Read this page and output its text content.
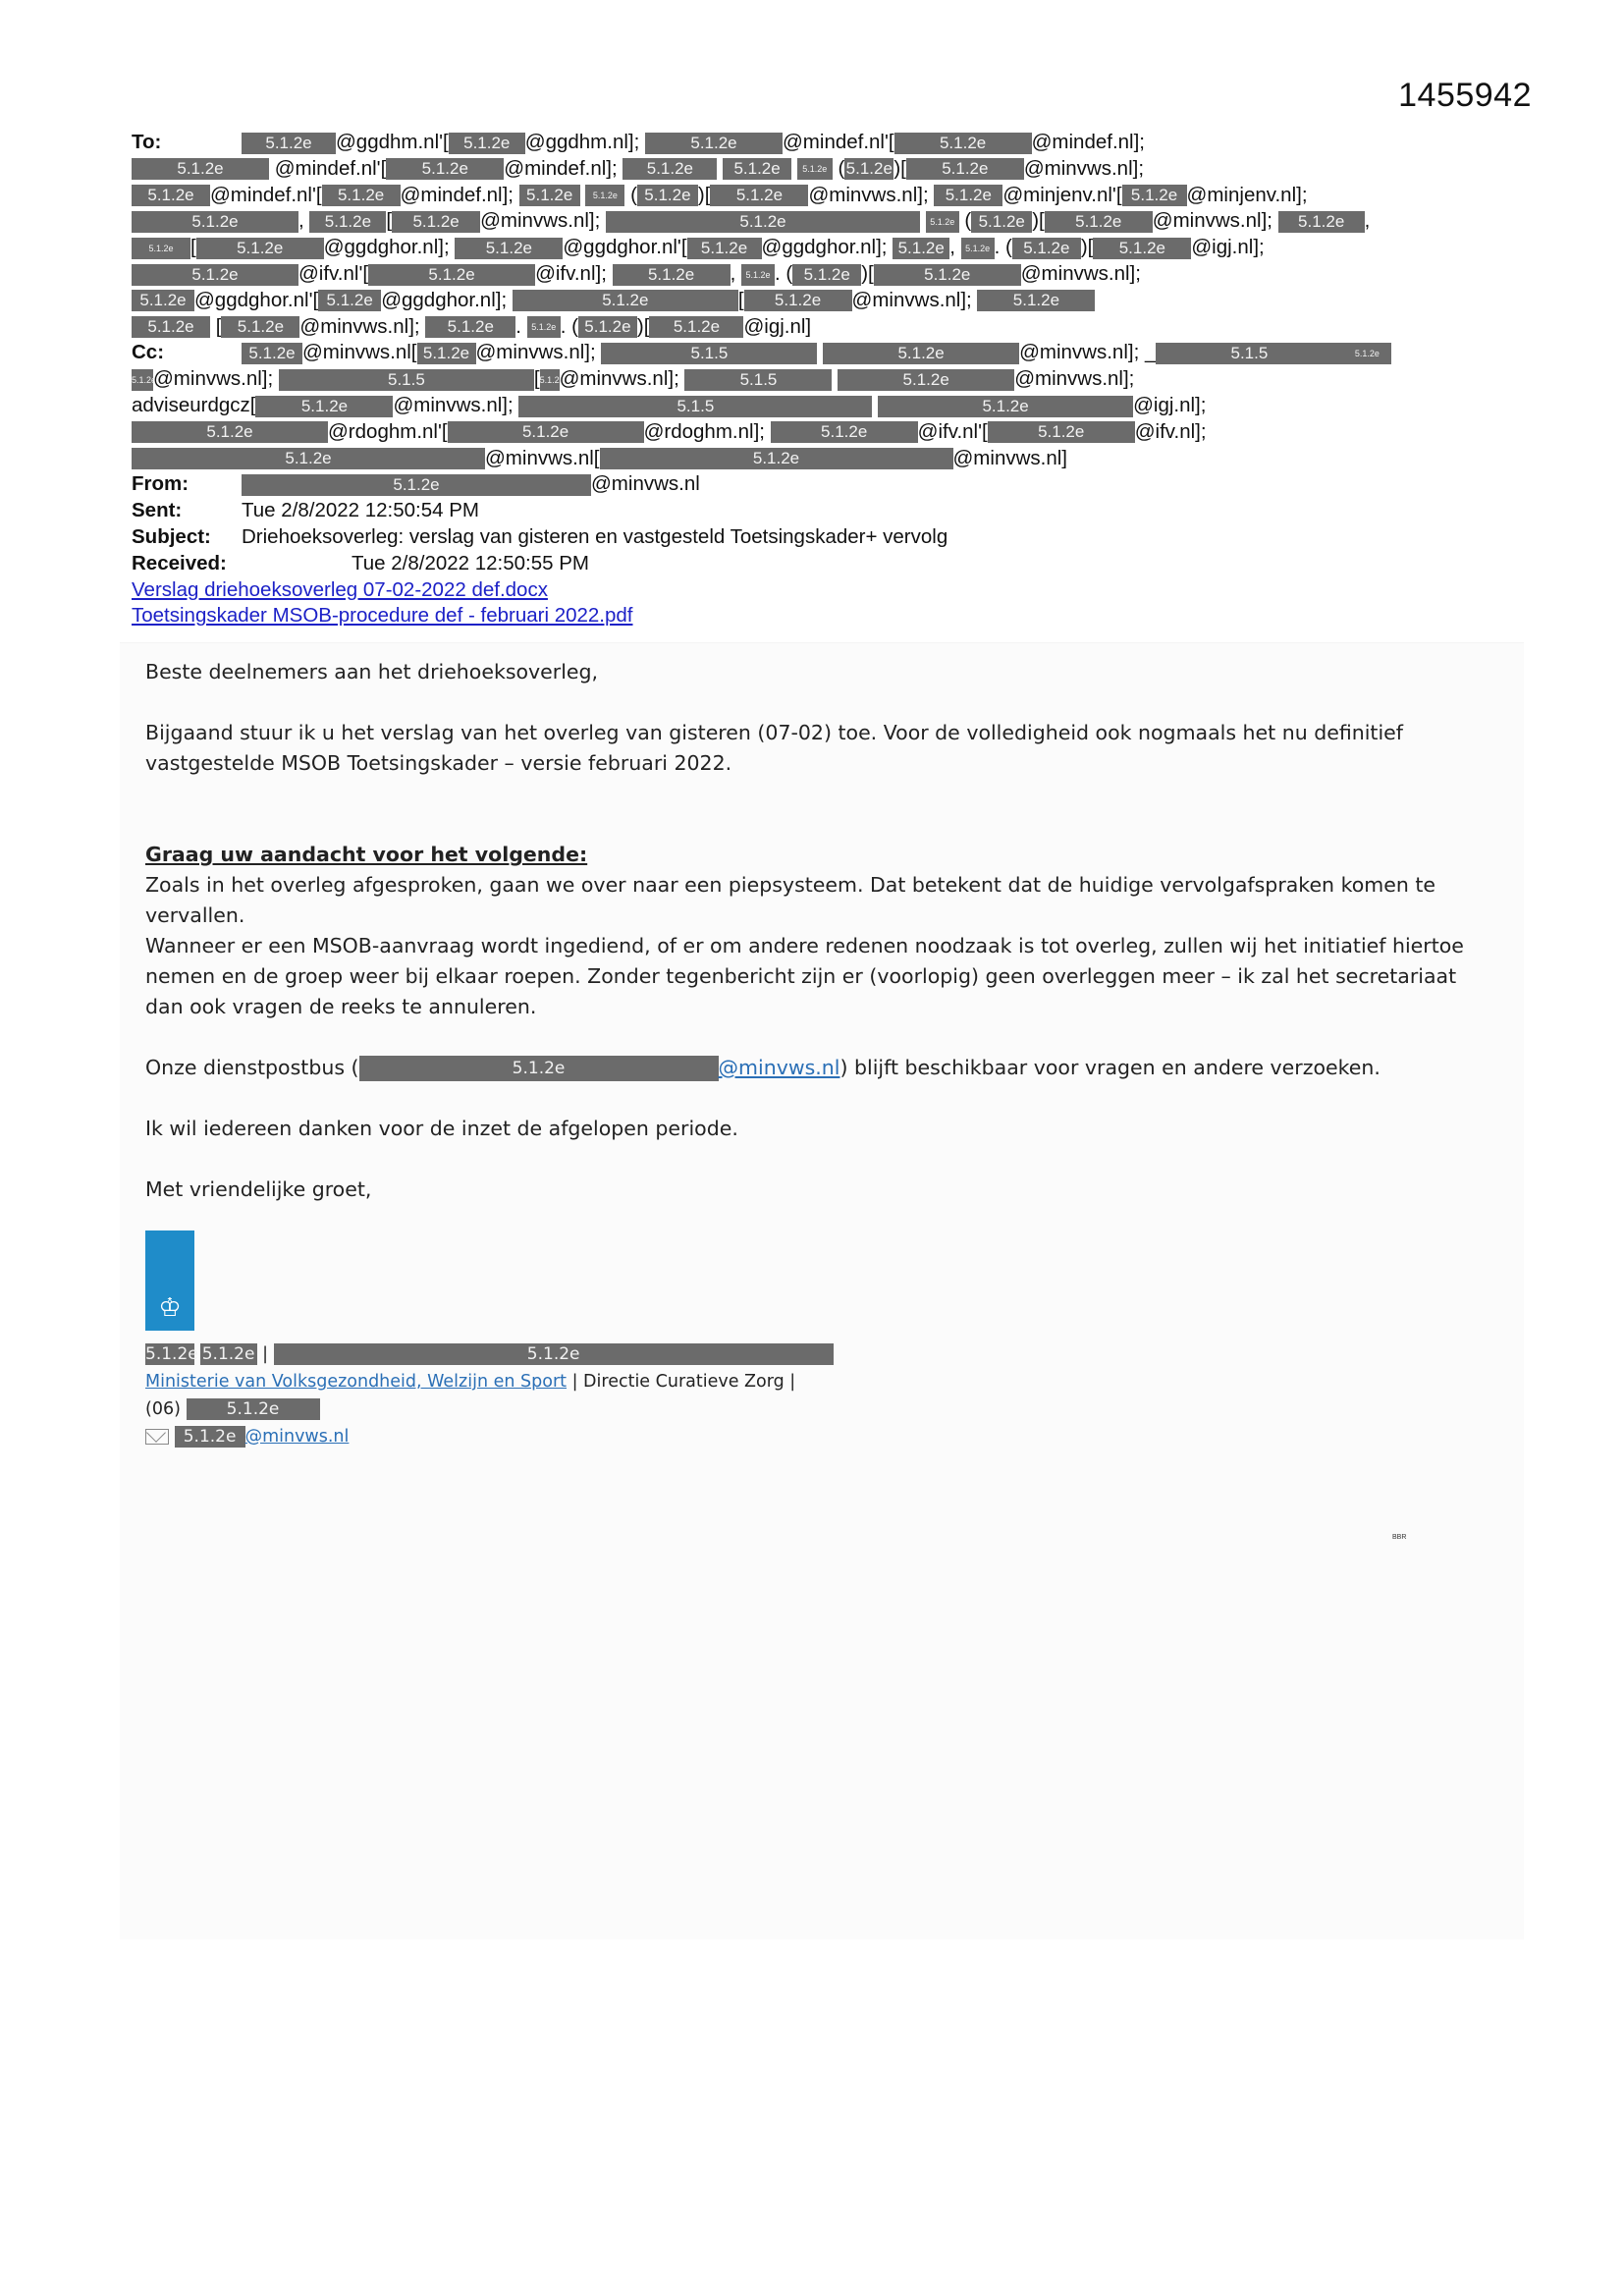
1455942
To:	5.1.2e @ggdhm.nl'[ 5.1.2e @ggdhm.nl];	5.1.2e @mindef.nl'[	5.1.2e @mindef.nl];
5.1.2e @mindef.nl'[ 5.1.2e @mindef.nl]; 5.1.2e 5.1.2e	5.1.2e (5.1.2e)[ 5.1.2e @minvws.nl];
5.1.2e @mindef.nl'[ 5.1.2e @mindef.nl]; 5.1.2e 5.1.2e ( 5.1.2e )[ 5.1.2e @minvws.nl]; 5.1.2e @minjenv.nl'[ 5.1.2e @minjenv.nl];
5.1.2e	, 5.1.2e [ 5.1.2e @minvws.nl];	5.1.2e	5.1.2e ( 5.1.2e )[ 5.1.2e @minvws.nl]; 5.1.2e ,
5.1.2e [ 5.1.2e @ggdghor.nl]; 5.1.2e @ggdghor.nl'[ 5.1.2e @ggdghor.nl]; 5.1.2e , 5.1.2e . ( 5.1.2e )[ 5.1.2e @igj.nl];
5.1.2e	@ifv.nl'[	5.1.2e	@ifv.nl]; 5.1.2e , 5.1.2e . ( 5.1.2e )[	5.1.2e	@minvws.nl];
5.1.2e @ggdghor.nl'[ 5.1.2e @ggdghor.nl];	5.1.2e	[ 5.1.2e @minvws.nl]; 5.1.2e
5.1.2e [ 5.1.2e @minvws.nl]; 5.1.2e . 5.1.2e . ( 5.1.2e )[ 5.1.2e @igj.nl]
Cc:	5.1.2e @minvws.nl[ 5.1.2e @minvws.nl];	5.1.5	5.1.2e	@minvws.nl]; _	5.1.5	5.1.2e
5.1.2e@minvws.nl];	5.1.5	[5.1.2e@minvws.nl];	5.1.5	5.1.2e	@minvws.nl];
adviseurdgcz[	5.1.2e @minvws.nl];	5.1.5	5.1.2e	@igj.nl];
5.1.2e	@rdoghm.nl'[	5.1.2e	@rdoghm.nl];	5.1.2e	@ifv.nl'[	5.1.2e	@ifv.nl];
5.1.2e	@minvws.nl[	5.1.2e	@minvws.nl]
From:	5.1.2e	@minvws.nl
Sent:	Tue 2/8/2022 12:50:54 PM
Subject: Driehoeksoverleg: verslag van gisteren en vastgesteld Toetsingskader+ vervolg
Received:	Tue 2/8/2022 12:50:55 PM
Verslag driehoeksoverleg 07-02-2022 def.docx
Toetsingskader MSOB-procedure def - februari 2022.pdf

Beste deelnemers aan het driehoeksoverleg,

Bijgaand stuur ik u het verslag van het overleg van gisteren (07-02) toe. Voor de volledigheid ook nogmaals het nu definitief vastgestelde MSOB Toetsingskader – versie februari 2022.

Graag uw aandacht voor het volgende:

Zoals in het overleg afgesproken, gaan we over naar een piepsysteem. Dat betekent dat de huidige vervolgafspraken komen te vervallen.

Wanneer er een MSOB-aanvraag wordt ingediend, of er om andere redenen noodzaak is tot overleg, zullen wij het initiatief hiertoe nemen en de groep weer bij elkaar roepen. Zonder tegenbericht zijn er (voorlopig) geen overleggen meer – ik zal het secretariaat dan ook vragen de reeks te annuleren.

Onze dienstpostbus (	5.1.2e	@minvws.nl) blijft beschikbaar voor vragen en andere verzoeken.

Ik wil iedereen danken voor de inzet de afgelopen periode.

Met vriendelijke groet,

♔
5.1.2e 5.1.2e |	5.1.2e
Ministerie van Volksgezondheid, Welzijn en Sport | Directie Curatieve Zorg |
(06)	5.1.2e
5.1.2e @minvws.nl
BBR
